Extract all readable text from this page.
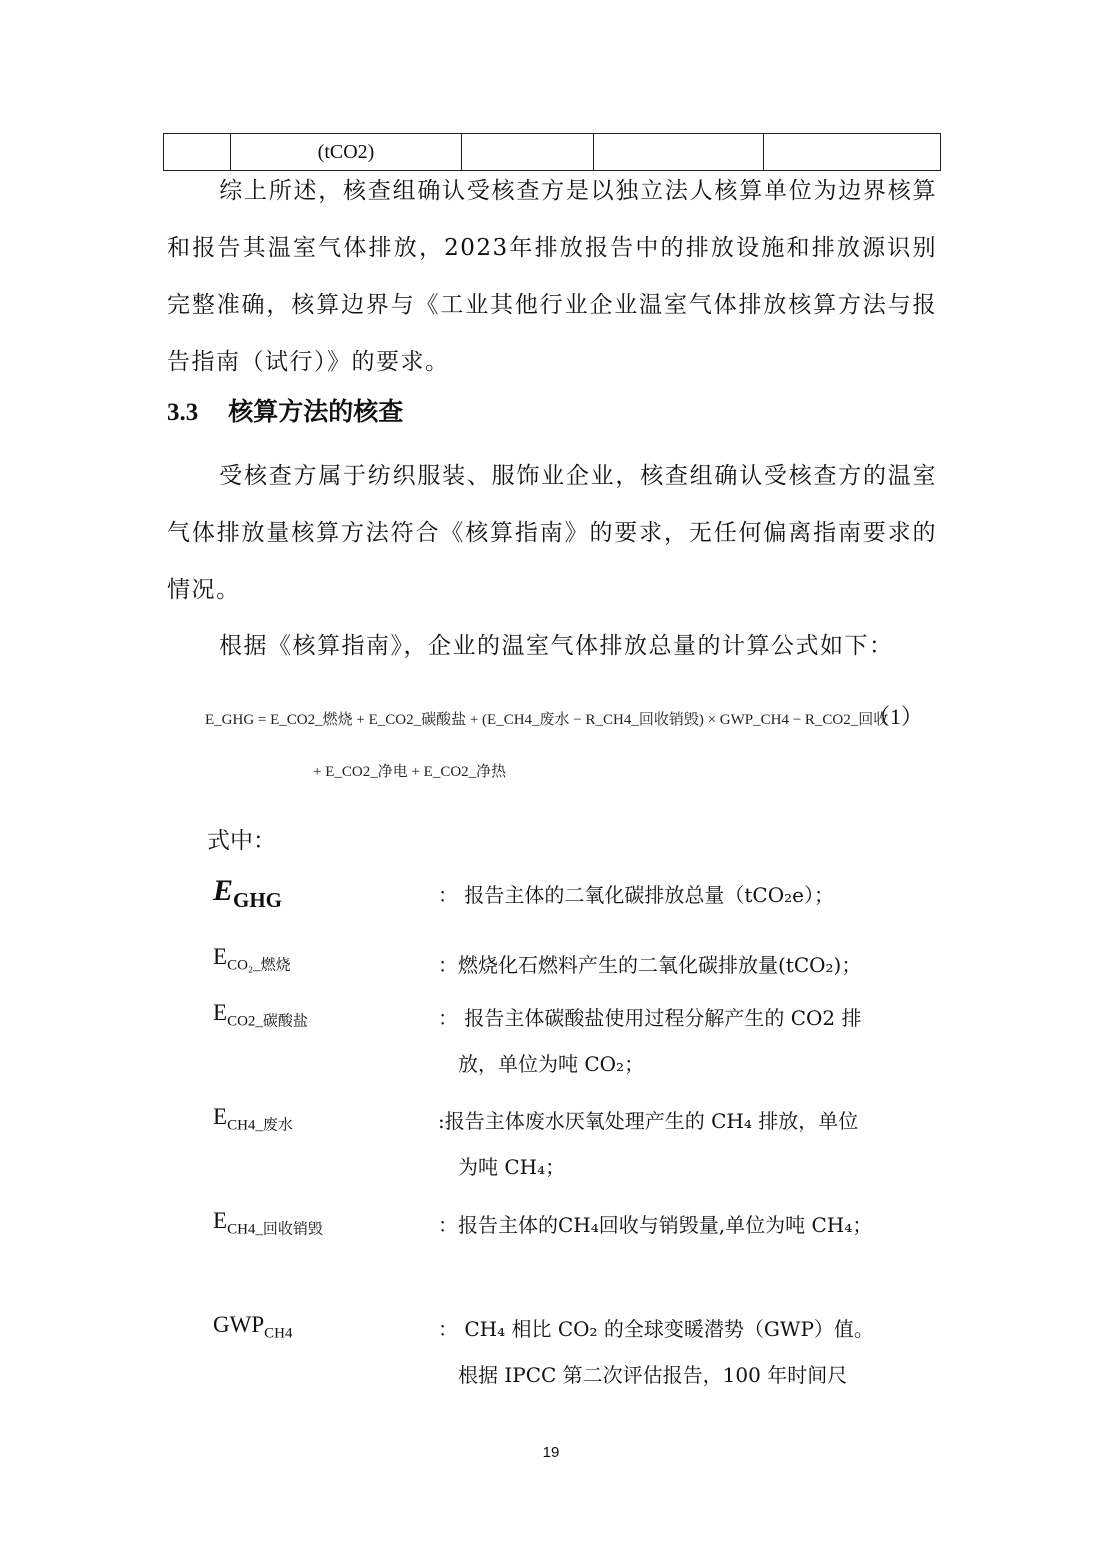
	(tCO2)			
综上所述，核查组确认受核查方是以独立法人核算单位为边界核算和报告其温室气体排放，2023年排放报告中的排放设施和排放源识别完整准确，核算边界与《工业其他行业企业温室气体排放核算方法与报告指南（试行）》的要求。
3.3 核算方法的核查
受核查方属于纺织服装、服饰业企业，核查组确认受核查方的温室气体排放量核算方法符合《核算指南》的要求，无任何偏离指南要求的情况。
根据《核算指南》，企业的温室气体排放总量的计算公式如下：
E_GHG = E_CO2_燃烧 + E_CO2_碳酸盐 + (E_CH4_废水 − R_CH4_回收销毁) × GWP_CH4 − R_CO2_回收
+ E_CO2_净电 + E_CO2_净热
（1）
式中：
$E_{GHG}$	： 报告主体的二氧化碳排放总量（tCO₂e）；
$E_{CO_2\_燃烧}$	：燃烧化石燃料产生的二氧化碳排放量(tCO₂)；
$E_{CO2\_碳酸盐}$	： 报告主体碳酸盐使用过程分解产生的 CO2 排
放，单位为吨 CO₂；
$E_{CH4\_废水}$	:报告主体废水厌氧处理产生的 CH₄ 排放，单位
为吨 CH₄；
$E_{CH4\_回收销毁}$	：报告主体的CH₄回收与销毁量,单位为吨 CH₄；
$GWP_{CH4}$	： CH₄ 相比 CO₂ 的全球变暖潜势（GWP）值。
根据 IPCC 第二次评估报告，100 年时间尺
19
